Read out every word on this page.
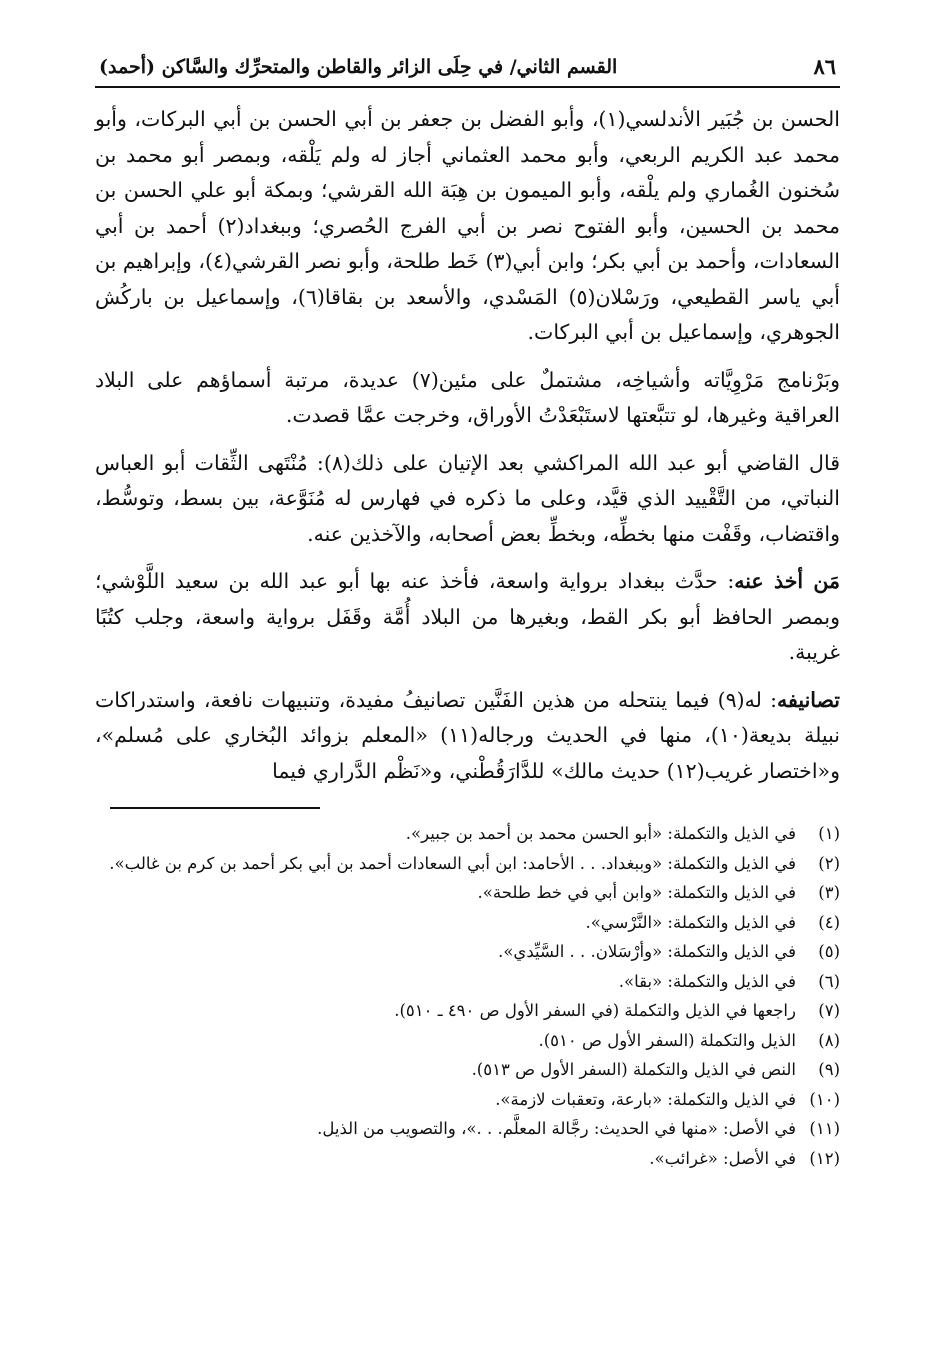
٨٦
القسم الثاني/ في حِلَى الزائر والقاطن والمتحرِّك والسَّاكن (أحمد)

الحسن بن جُبَير الأندلسي(١)، وأبو الفضل بن جعفر بن أبي الحسن بن أبي البركات، وأبو محمد عبد الكريم الربعي، وأبو محمد العثماني أجاز له ولم يَلْقه، وبمصر أبو محمد بن سُخنون الغُماري ولم يلْقه، وأبو الميمون بن هِبَة الله القرشي؛ وبمكة أبو علي الحسن بن محمد بن الحسين، وأبو الفتوح نصر بن أبي الفرج الحُصري؛ وببغداد(٢) أحمد بن أبي السعادات، وأحمد بن أبي بكر؛ وابن أبي(٣) خَط طلحة، وأبو نصر القرشي(٤)، وإبراهيم بن أبي ياسر القطيعي، ورَسْلان(٥) المَسْدي، والأسعد بن بقاقا(٦)، وإسماعيل بن باركُش الجوهري، وإسماعيل بن أبي البركات.

وبَرْنامج مَرْوِيَّاته وأشياخِه، مشتملٌ على مئين(٧) عديدة، مرتبة أسماؤهم على البلاد العراقية وغيرها، لو تتبَّعتها لاستَبْعَدْتُ الأوراق، وخرجت عمَّا قصدت.

قال القاضي أبو عبد الله المراكشي بعد الإتيان على ذلك(٨): مُنْتَهى الثِّقات أبو العباس النباتي، من التَّقْييد الذي قيَّد، وعلى ما ذكره في فهارس له مُنَوَّعة، بين بسط، وتوسُّط، واقتضاب، وقَفْت منها بخطِّه، وبخطِّ بعض أصحابه، والآخذين عنه.

مَن أخذ عنه: حدَّث ببغداد برواية واسعة، فأخذ عنه بها أبو عبد الله بن سعيد اللَّوْشي؛ وبمصر الحافظ أبو بكر القط، وبغيرها من البلاد أُمَّة وقَفَل برواية واسعة، وجلب كتُبًا غريبة.

تصانيفه: له(٩) فيما ينتحله من هذين الفَنَّين تصانيفُ مفيدة، وتنبيهات نافعة، واستدراكات نبيلة بديعة(١٠)، منها في الحديث ورجاله(١١) «المعلم بزوائد البُخاري على مُسلم»، و«اختصار غريب(١٢) حديث مالك» للدَّارَقُطْني، و«نَظْم الدَّراري فيما

(١)
في الذيل والتكملة: «أبو الحسن محمد بن أحمد بن جبير».
(٢)
في الذيل والتكملة: «وببغداد. . . الأحامد: ابن أبي السعادات أحمد بن أبي بكر أحمد بن كرم بن غالب».
(٣)
في الذيل والتكملة: «وابن أبي في خط طلحة».
(٤)
في الذيل والتكملة: «النَّرْسي».
(٥)
في الذيل والتكملة: «وأرْسَلان. . . السَّيِّدي».
(٦)
في الذيل والتكملة: «بقا».
(٧)
راجعها في الذيل والتكملة (في السفر الأول ص ٤٩٠ ـ ٥١٠).
(٨)
الذيل والتكملة (السفر الأول ص ٥١٠).
(٩)
النص في الذيل والتكملة (السفر الأول ص ٥١٣).
(١٠)
في الذيل والتكملة: «بارعة، وتعقبات لازمة».
(١١)
في الأصل: «منها في الحديث: رجَّالة المعلَّم. . .»، والتصويب من الذيل.
(١٢)
في الأصل: «غرائب».
